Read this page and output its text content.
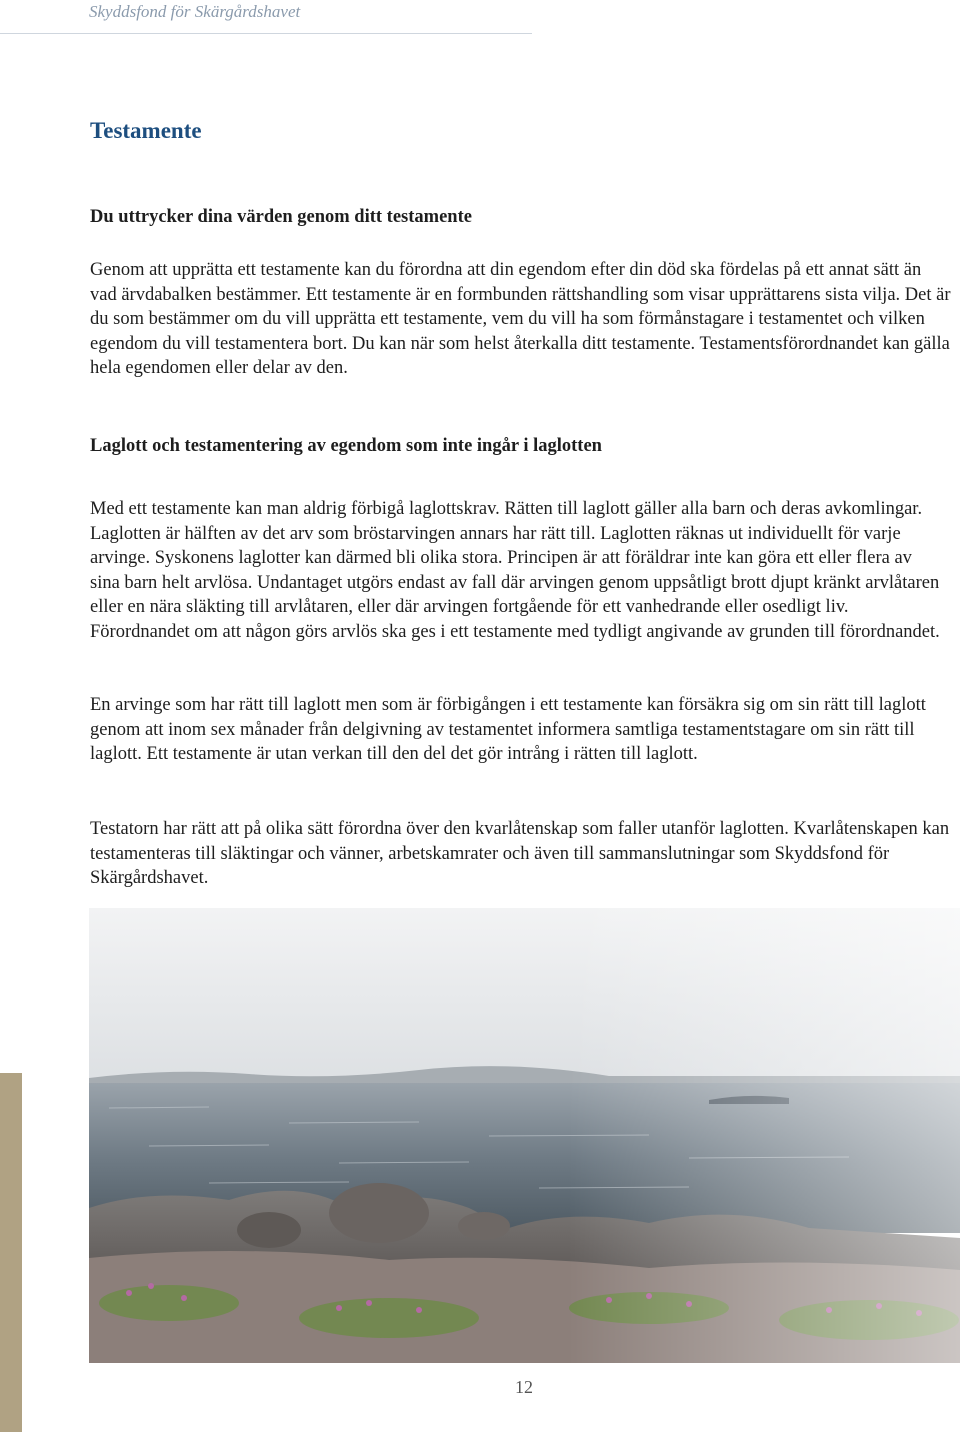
Skyddsfond för Skärgårdshavet
Testamente
Du uttrycker dina värden genom ditt testamente

Genom att upprätta ett testamente kan du förordna att din egendom efter din död ska fördelas på ett annat sätt än vad ärvdabalken bestämmer. Ett testamente är en formbunden rättshandling som visar upprättarens sista vilja. Det är du som bestämmer om du vill upprätta ett testamente, vem du vill ha som förmånstagare i testamentet och vilken egendom du vill testamentera bort. Du kan när som helst återkalla ditt testamente. Testamentsförordnandet kan gälla hela egendomen eller delar av den.

Laglott och testamentering av egendom som inte ingår i laglotten

Med ett testamente kan man aldrig förbigå laglottskrav. Rätten till laglott gäller alla barn och deras avkomlingar. Laglotten är hälften av det arv som bröstarvingen annars har rätt till. Laglotten räknas ut individuellt för varje arvinge. Syskonens laglotter kan därmed bli olika stora. Principen är att föräldrar inte kan göra ett eller flera av sina barn helt arvlösa. Undantaget utgörs endast av fall där arvingen genom uppsåtligt brott djupt kränkt arvlåtaren eller en nära släkting till arvlåtaren, eller där arvingen fortgående för ett vanhedrande eller osedligt liv. Förordnandet om att någon görs arvlös ska ges i ett testamente med tydligt angivande av grunden till förordnandet.

En arvinge som har rätt till laglott men som är förbigången i ett testamente kan försäkra sig om sin rätt till laglott genom att inom sex månader från delgivning av testamentet informera samtliga testamentstagare om sin rätt till laglott. Ett testamente är utan verkan till den del det gör intrång i rätten till laglott.

Testatorn har rätt att på olika sätt förordna över den kvarlåtenskap som faller utanför laglotten. Kvarlåtenskapen kan testamenteras till släktingar och vänner, arbetskamrater och även till sammanslutningar som Skyddsfond för Skärgårdshavet.

12
